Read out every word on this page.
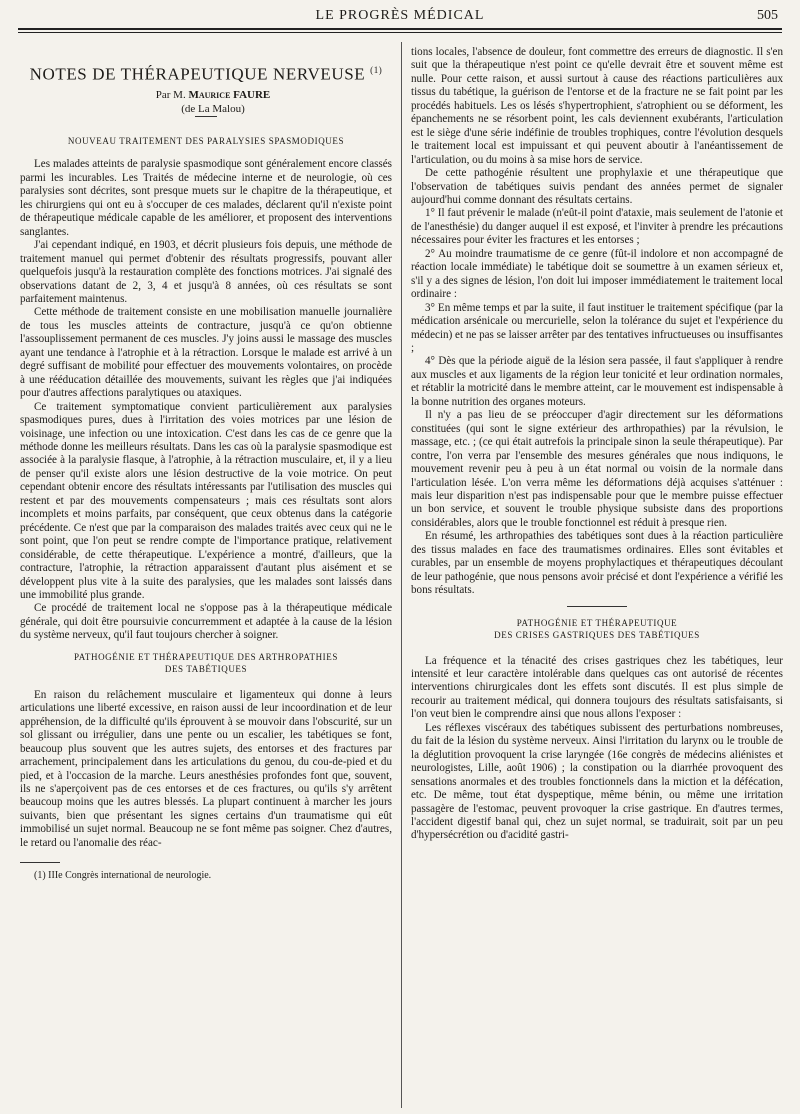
LE PROGRÈS MÉDICAL	505
NOTES DE THÉRAPEUTIQUE NERVEUSE $^{(1)}$

Par M. Maurice FAURE

(de La Malou)

NOUVEAU TRAITEMENT DES PARALYSIES SPASMODIQUES

Les malades atteints de paralysie spasmodique sont généralement encore classés parmi les incurables. Les Traités de médecine interne et de neurologie, où ces paralysies sont décrites, sont presque muets sur le chapitre de la thérapeutique, et les chirurgiens qui ont eu à s'occuper de ces malades, déclarent qu'il n'existe point de thérapeutique médicale capable de les améliorer, et proposent des interventions sanglantes.

J'ai cependant indiqué, en 1903, et décrit plusieurs fois depuis, une méthode de traitement manuel qui permet d'obtenir des résultats progressifs, pouvant aller quelquefois jusqu'à la restauration complète des fonctions motrices. J'ai signalé des observations datant de 2, 3, 4 et jusqu'à 8 années, où ces résultats se sont parfaitement maintenus.

Cette méthode de traitement consiste en une mobilisation manuelle journalière de tous les muscles atteints de contracture, jusqu'à ce qu'on obtienne l'assouplissement permanent de ces muscles. J'y joins aussi le massage des muscles ayant une tendance à l'atrophie et à la rétraction. Lorsque le malade est arrivé à un degré suffisant de mobilité pour effectuer des mouvements volontaires, on procède à une rééducation détaillée des mouvements, suivant les règles que j'ai indiquées pour d'autres affections paralytiques ou ataxiques.

Ce traitement symptomatique convient particulièrement aux paralysies spasmodiques pures, dues à l'irritation des voies motrices par une lésion de voisinage, une infection ou une intoxication. C'est dans les cas de ce genre que la méthode donne les meilleurs résultats. Dans les cas où la paralysie spasmodique est associée à la paralysie flasque, à l'atrophie, à la rétraction musculaire, et, il y a lieu de penser qu'il existe alors une lésion destructive de la voie motrice. On peut cependant obtenir encore des résultats intéressants par l'utilisation des muscles qui restent et par des mouvements compensateurs ; mais ces résultats sont alors incomplets et moins parfaits, par conséquent, que ceux obtenus dans la catégorie précédente. Ce n'est que par la comparaison des malades traités avec ceux qui ne le sont point, que l'on peut se rendre compte de l'importance pratique, relativement considérable, de cette thérapeutique. L'expérience a montré, d'ailleurs, que la contracture, l'atrophie, la rétraction apparaissent d'autant plus aisément et se développent plus vite à la suite des paralysies, que les malades sont laissés dans une immobilité plus grande.

Ce procédé de traitement local ne s'oppose pas à la thérapeutique médicale générale, qui doit être poursuivie concurremment et adaptée à la cause de la lésion du système nerveux, qu'il faut toujours chercher à soigner.

PATHOGÉNIE ET THÉRAPEUTIQUE DES ARTHROPATHIES
DES TABÉTIQUES

En raison du relâchement musculaire et ligamenteux qui donne à leurs articulations une liberté excessive, en raison aussi de leur incoordination et de leur appréhension, de la difficulté qu'ils éprouvent à se mouvoir dans l'obscurité, sur un sol glissant ou irrégulier, dans une pente ou un escalier, les tabétiques se font, beaucoup plus souvent que les autres sujets, des entorses et des fractures par arrachement, principalement dans les articulations du genou, du cou-de-pied et du pied, et à l'occasion de la marche. Leurs anesthésies profondes font que, souvent, ils ne s'aperçoivent pas de ces entorses et de ces fractures, ou qu'ils s'y arrêtent beaucoup moins que les autres blessés. La plupart continuent à marcher les jours suivants, bien que présentant les signes certains d'un traumatisme qui eût immobilisé un sujet normal. Beaucoup ne se font même pas soigner. Chez d'autres, le retard ou l'anomalie des réac-

(1) IIIe Congrès international de neurologie.

tions locales, l'absence de douleur, font commettre des erreurs de diagnostic. Il s'en suit que la thérapeutique n'est point ce qu'elle devrait être et souvent même est nulle. Pour cette raison, et aussi surtout à cause des réactions particulières aux tissus du tabétique, la guérison de l'entorse et de la fracture ne se fait point par les procédés habituels. Les os lésés s'hypertrophient, s'atrophient ou se déforment, les épanchements ne se résorbent point, les cals deviennent exubérants, l'articulation est le siège d'une série indéfinie de troubles trophiques, contre l'évolution desquels le traitement local est impuissant et qui peuvent aboutir à l'anéantissement de l'articulation, ou du moins à sa mise hors de service.

De cette pathogénie résultent une prophylaxie et une thérapeutique que l'observation de tabétiques suivis pendant des années permet de signaler aujourd'hui comme donnant des résultats certains.

1° Il faut prévenir le malade (n'eût-il point d'ataxie, mais seulement de l'atonie et de l'anesthésie) du danger auquel il est exposé, et l'inviter à prendre les précautions nécessaires pour éviter les fractures et les entorses ;

2° Au moindre traumatisme de ce genre (fût-il indolore et non accompagné de réaction locale immédiate) le tabétique doit se soumettre à un examen sérieux et, s'il y a des signes de lésion, l'on doit lui imposer immédiatement le traitement local ordinaire :

3° En même temps et par la suite, il faut instituer le traitement spécifique (par la médication arsénicale ou mercurielle, selon la tolérance du sujet et l'expérience du médecin) et ne pas se laisser arrêter par des tentatives infructueuses ou insuffisantes ;

4° Dès que la période aiguë de la lésion sera passée, il faut s'appliquer à rendre aux muscles et aux ligaments de la région leur tonicité et leur ordination normales, et rétablir la motricité dans le membre atteint, car le mouvement est indispensable à la bonne nutrition des organes moteurs.

Il n'y a pas lieu de se préoccuper d'agir directement sur les déformations constituées (qui sont le signe extérieur des arthropathies) par la révulsion, le massage, etc. ; (ce qui était autrefois la principale sinon la seule thérapeutique). Par contre, l'on verra par l'ensemble des mesures générales que nous indiquons, le mouvement revenir peu à peu à un état normal ou voisin de la normale dans l'articulation lésée. L'on verra même les déformations déjà acquises s'atténuer : mais leur disparition n'est pas indispensable pour que le membre puisse effectuer un bon service, et souvent le trouble physique subsiste dans des proportions considérables, alors que le trouble fonctionnel est réduit à presque rien.

En résumé, les arthropathies des tabétiques sont dues à la réaction particulière des tissus malades en face des traumatismes ordinaires. Elles sont évitables et curables, par un ensemble de moyens prophylactiques et thérapeutiques découlant de leur pathogénie, que nous pensons avoir précisé et dont l'expérience a vérifié les bons résultats.

PATHOGÉNIE ET THÉRAPEUTIQUE
DES CRISES GASTRIQUES DES TABÉTIQUES

La fréquence et la ténacité des crises gastriques chez les tabétiques, leur intensité et leur caractère intolérable dans quelques cas ont autorisé de récentes interventions chirurgicales dont les effets sont discutés. Il est plus simple de recourir au traitement médical, qui donnera toujours des résultats satisfaisants, si l'on veut bien le comprendre ainsi que nous allons l'exposer :

Les réflexes viscéraux des tabétiques subissent des perturbations nombreuses, du fait de la lésion du système nerveux. Ainsi l'irritation du larynx ou le trouble de la déglutition provoquent la crise laryngée (16e congrès de médecins aliénistes et neurologistes, Lille, août 1906) ; la constipation ou la diarrhée provoquent des sensations anormales et des troubles fonctionnels dans la miction et la défécation, etc. De même, tout état dyspeptique, même bénin, ou même une irritation passagère de l'estomac, peuvent provoquer la crise gastrique. En d'autres termes, l'accident digestif banal qui, chez un sujet normal, se traduirait, soit par un peu d'hypersécrétion ou d'acidité gastri-
